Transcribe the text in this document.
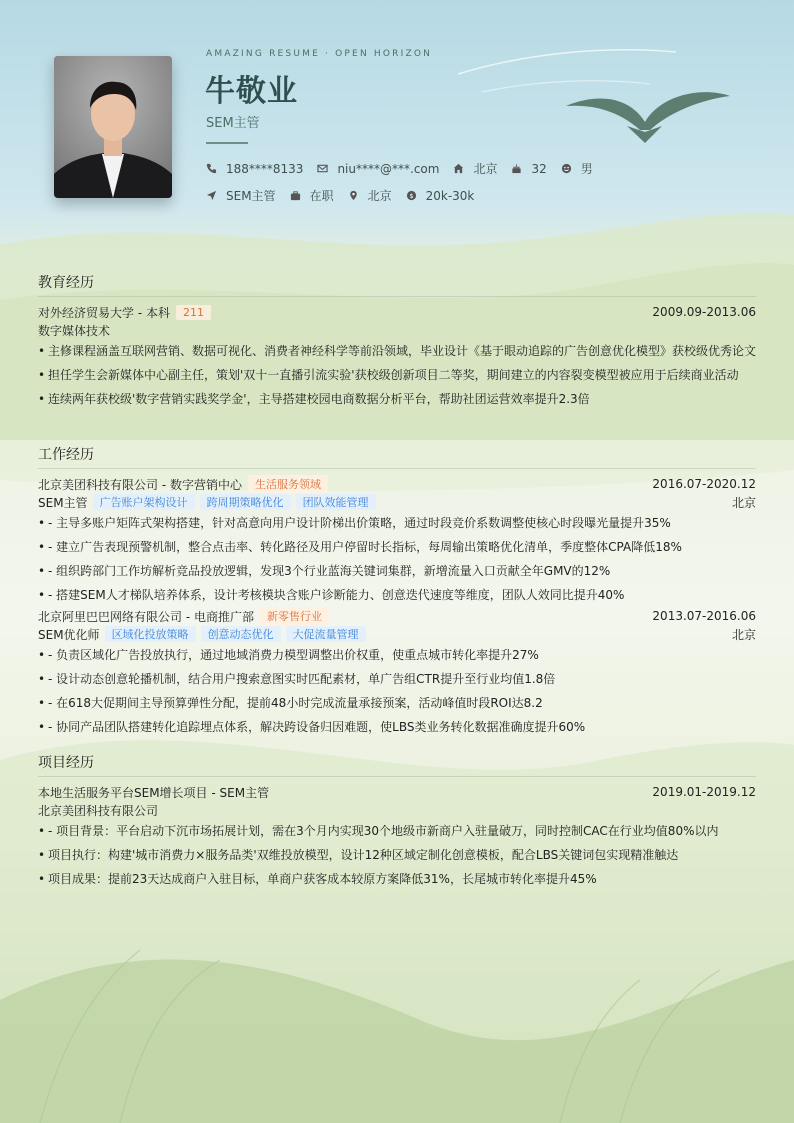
AMAZING RESUME · OPEN HORIZON
牛敬业
SEM主管
188****8133	niu****@***.com	北京	32	男
SEM主管	在职	北京 $ 20k-30k
教育经历
对外经济贸易大学 - 本科	211	2009.09-2013.06
数字媒体技术
• 主修课程涵盖互联网营销、数据可视化、消费者神经科学等前沿领域，毕业设计《基于眼动追踪的广告创意优化模型》获校级优秀论文
• 担任学生会新媒体中心副主任，策划'双十一直播引流实验'获校级创新项目二等奖，期间建立的内容裂变模型被应用于后续商业活动
• 连续两年获校级'数字营销实践奖学金'，主导搭建校园电商数据分析平台，帮助社团运营效率提升2.3倍
工作经历
北京美团科技有限公司 - 数字营销中心	生活服务领域	2016.07-2020.12
SEM主管	广告账户架构设计	跨周期策略优化	团队效能管理	北京
• - 主导多账户矩阵式架构搭建，针对高意向用户设计阶梯出价策略，通过时段竞价系数调整使核心时段曝光量提升35%
• - 建立广告表现预警机制，整合点击率、转化路径及用户停留时长指标，每周输出策略优化清单，季度整体CPA降低18%
• - 组织跨部门工作坊解析竞品投放逻辑，发现3个行业蓝海关键词集群，新增流量入口贡献全年GMV的12%
• - 搭建SEM人才梯队培养体系，设计考核模块含账户诊断能力、创意迭代速度等维度，团队人效同比提升40%
北京阿里巴巴网络有限公司 - 电商推广部	新零售行业	2013.07-2016.06
SEM优化师	区域化投放策略	创意动态优化	大促流量管理	北京
• - 负责区域化广告投放执行，通过地域消费力模型调整出价权重，使重点城市转化率提升27%
• - 设计动态创意轮播机制，结合用户搜索意图实时匹配素材，单广告组CTR提升至行业均值1.8倍
• - 在618大促期间主导预算弹性分配，提前48小时完成流量承接预案，活动峰值时段ROI达8.2
• - 协同产品团队搭建转化追踪埋点体系，解决跨设备归因难题，使LBS类业务转化数据准确度提升60%
项目经历
本地生活服务平台SEM增长项目 - SEM主管	2019.01-2019.12
北京美团科技有限公司
• - 项目背景：平台启动下沉市场拓展计划，需在3个月内实现30个地级市新商户入驻量破万，同时控制CAC在行业均值80%以内
• 项目执行：构建'城市消费力×服务品类'双维投放模型，设计12种区域定制化创意模板，配合LBS关键词包实现精准触达
• 项目成果：提前23天达成商户入驻目标，单商户获客成本较原方案降低31%，长尾城市转化率提升45%
